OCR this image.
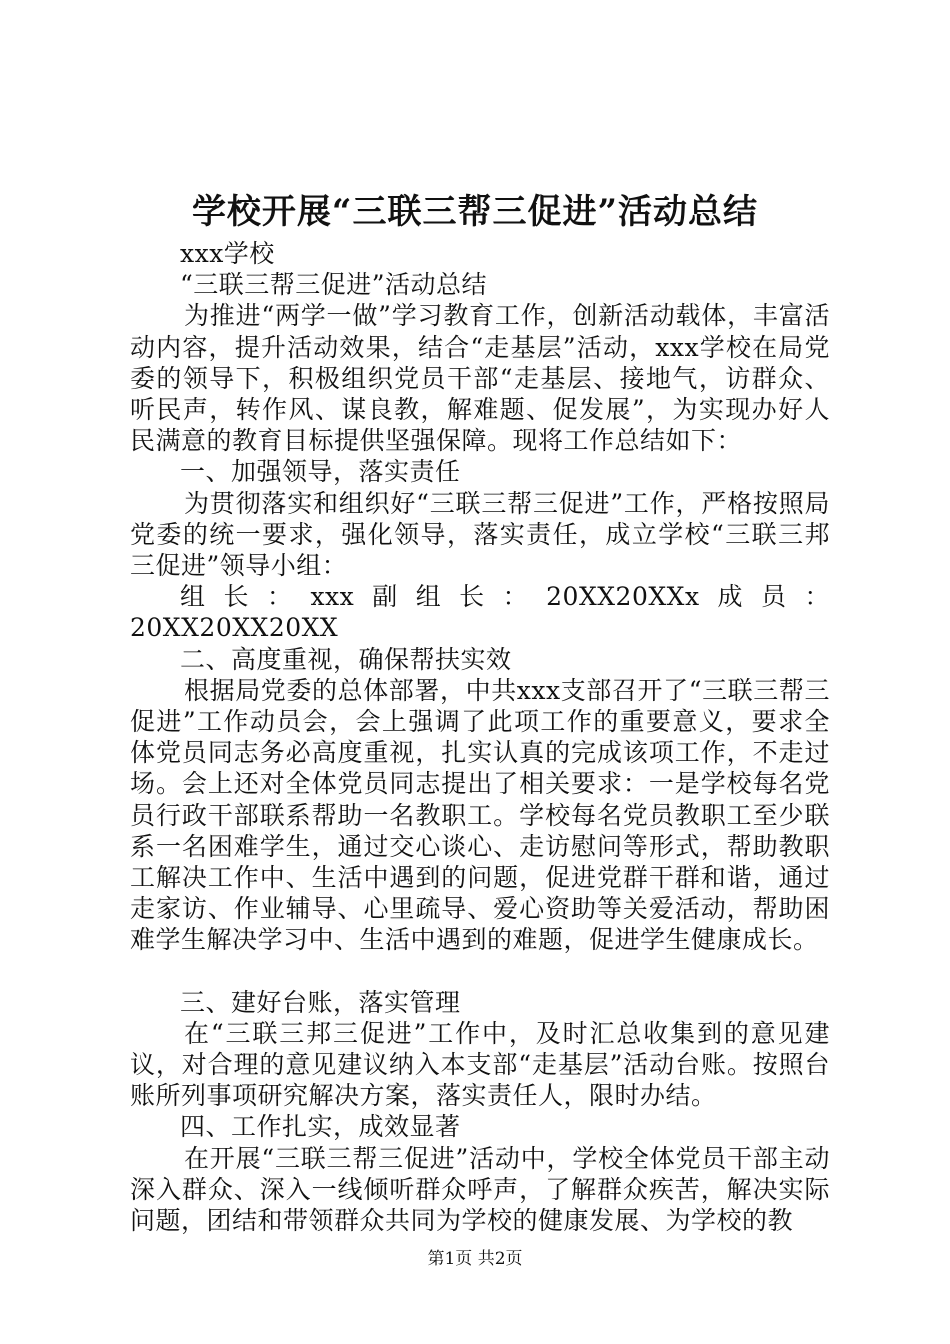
学校开展“三联三帮三促进”活动总结

xxx学校

“三联三帮三促进”活动总结

为推进“两学一做”学习教育工作，创新活动载体，丰富活动内容，提升活动效果，结合“走基层”活动，xxx学校在局党委的领导下，积极组织党员干部“走基层、接地气，访群众、听民声，转作风、谋良教，解难题、促发展”，为实现办好人民满意的教育目标提供坚强保障。现将工作总结如下：

一、加强领导，落实责任

为贯彻落实和组织好“三联三帮三促进”工作，严格按照局党委的统一要求，强化领导，落实责任，成立学校“三联三邦三促进”领导小组：

组长：xxx副组长：20XX20XXx成员：20XX20XX20XX

二、高度重视，确保帮扶实效

根据局党委的总体部署，中共xxx支部召开了“三联三帮三促进”工作动员会，会上强调了此项工作的重要意义，要求全体党员同志务必高度重视，扎实认真的完成该项工作，不走过场。会上还对全体党员同志提出了相关要求：一是学校每名党员行政干部联系帮助一名教职工。学校每名党员教职工至少联系一名困难学生，通过交心谈心、走访慰问等形式，帮助教职工解决工作中、生活中遇到的问题，促进党群干群和谐，通过走家访、作业辅导、心里疏导、爱心资助等关爱活动，帮助困难学生解决学习中、生活中遇到的难题，促进学生健康成长。

三、建好台账，落实管理

在“三联三邦三促进”工作中，及时汇总收集到的意见建议，对合理的意见建议纳入本支部“走基层”活动台账。按照台账所列事项研究解决方案，落实责任人，限时办结。

四、工作扎实，成效显著

在开展“三联三帮三促进”活动中，学校全体党员干部主动深入群众、深入一线倾听群众呼声，了解群众疾苦，解决实际问题，团结和带领群众共同为学校的健康发展、为学校的教

第1页 共2页
